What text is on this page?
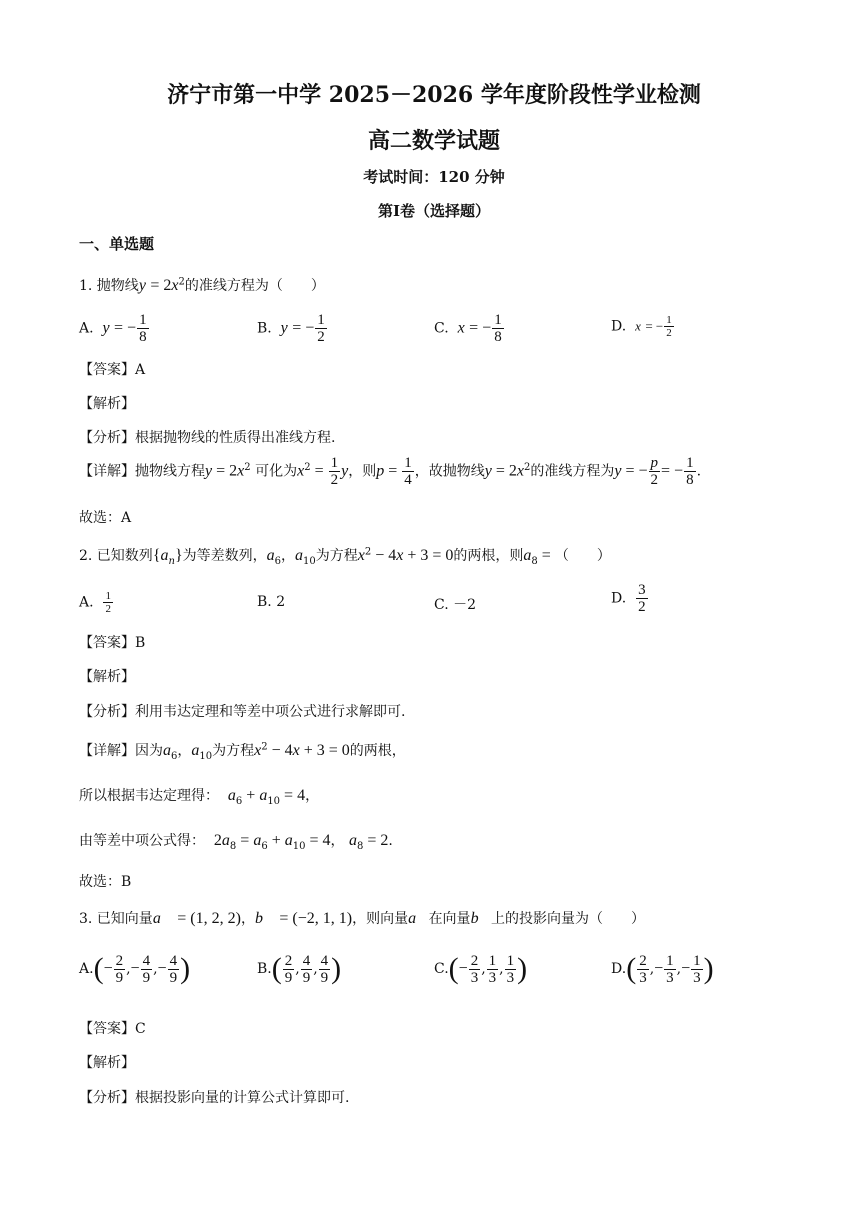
济宁市第一中学 2025－2026 学年度阶段性学业检测
高二数学试题
考试时间：120 分钟
第Ⅰ卷（选择题）
一、单选题
1. 抛物线$y = 2x^2$的准线方程为（　　）
A. y = − $\frac{1}{8}$	B. y = − $\frac{1}{2}$	C. x = − $\frac{1}{8}$	D. x = − $\frac{1}{2}$
【答案】A
【解析】
【分析】根据抛物线的性质得出准线方程.
【详解】抛物线方程$y = 2x^2$ 可化为$x^2 = \frac{1}{2}$ y，则$p = \frac{1}{4}$ ，故抛物线$y = 2x^2$的准线方程为y = − $\frac{p}{2}$ = − $\frac{1}{8}$ .
故选：A
2. 已知数列$\{a_n\}$为等差数列，$a_6$，$a_{10}$为方程$x^2 - 4x + 3 = 0$的两根，则$a_8$ = （　　）
A. $\frac{1}{2}$	B. 2	C. －2	D. $\frac{3}{2}$
【答案】B
【解析】
【分析】利用韦达定理和等差中项公式进行求解即可.
【详解】因为$a_6$，$a_{10}$为方程$x^2 - 4x + 3 = 0$的两根，
所以根据韦达定理得： $a_6 + a_{10} = 4$，
由等差中项公式得： $2a_8 = a_6 + a_{10} = 4$， $a_8 = 2$.
故选：B
3. 已知向量a⃗ = (1, 2, 2)，b⃗ = (−2, 1, 1)，则向量a⃗在向量b⃗上的投影向量为（　　）
$A.(- \frac{2}{9}$ ,− $\frac{4}{9}$ ,− $\frac{4}{9}$ )	$B.( \frac{2}{9}$ , $\frac{4}{9}$ , $\frac{4}{9}$ )	$C.(- \frac{2}{3}$ , $\frac{1}{3}$ , $\frac{1}{3}$ )	$D.( \frac{2}{3}$ ,− $\frac{1}{3}$ ,− $\frac{1}{3}$ )
【答案】C
【解析】
【分析】根据投影向量的计算公式计算即可.
